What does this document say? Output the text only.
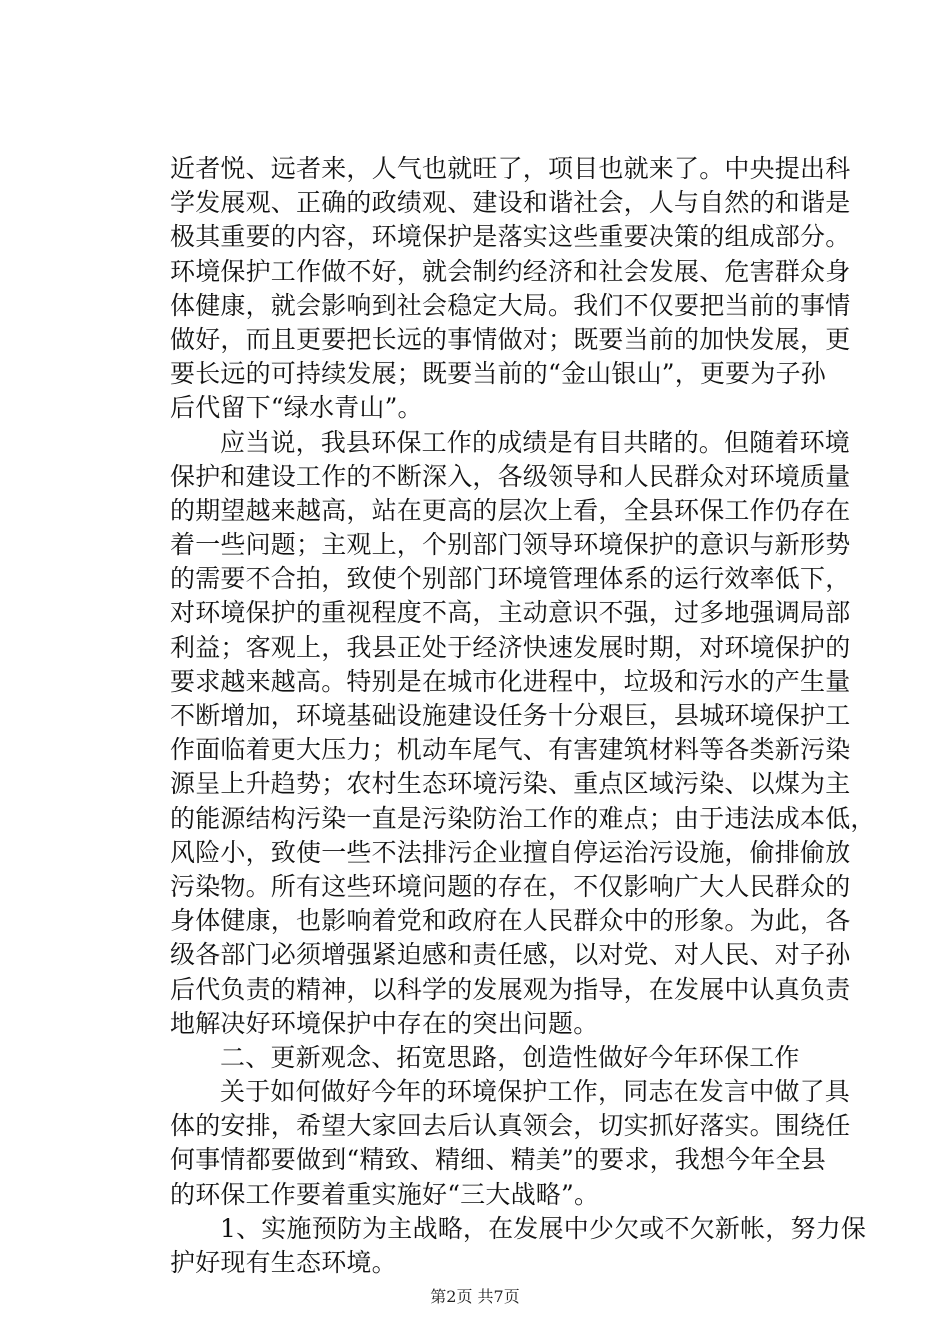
近者悦、远者来，人气也就旺了，项目也就来了。中央提出科
学发展观、正确的政绩观、建设和谐社会，人与自然的和谐是
极其重要的内容，环境保护是落实这些重要决策的组成部分。
环境保护工作做不好，就会制约经济和社会发展、危害群众身
体健康，就会影响到社会稳定大局。我们不仅要把当前的事情
做好，而且更要把长远的事情做对；既要当前的加快发展，更
要长远的可持续发展；既要当前的“金山银山”，更要为子孙
后代留下“绿水青山”。
应当说，我县环保工作的成绩是有目共睹的。但随着环境
保护和建设工作的不断深入，各级领导和人民群众对环境质量
的期望越来越高，站在更高的层次上看，全县环保工作仍存在
着一些问题；主观上，个别部门领导环境保护的意识与新形势
的需要不合拍，致使个别部门环境管理体系的运行效率低下，
对环境保护的重视程度不高，主动意识不强，过多地强调局部
利益；客观上，我县正处于经济快速发展时期，对环境保护的
要求越来越高。特别是在城市化进程中，垃圾和污水的产生量
不断增加，环境基础设施建设任务十分艰巨，县城环境保护工
作面临着更大压力；机动车尾气、有害建筑材料等各类新污染
源呈上升趋势；农村生态环境污染、重点区域污染、以煤为主
的能源结构污染一直是污染防治工作的难点；由于违法成本低，
风险小，致使一些不法排污企业擅自停运治污设施，偷排偷放
污染物。所有这些环境问题的存在，不仅影响广大人民群众的
身体健康，也影响着党和政府在人民群众中的形象。为此，各
级各部门必须增强紧迫感和责任感，以对党、对人民、对子孙
后代负责的精神，以科学的发展观为指导，在发展中认真负责
地解决好环境保护中存在的突出问题。
二、更新观念、拓宽思路，创造性做好今年环保工作
关于如何做好今年的环境保护工作，同志在发言中做了具
体的安排，希望大家回去后认真领会，切实抓好落实。围绕任
何事情都要做到“精致、精细、精美”的要求，我想今年全县
的环保工作要着重实施好“三大战略”。
1、实施预防为主战略，在发展中少欠或不欠新帐，努力保
护好现有生态环境。
第2页 共7页
